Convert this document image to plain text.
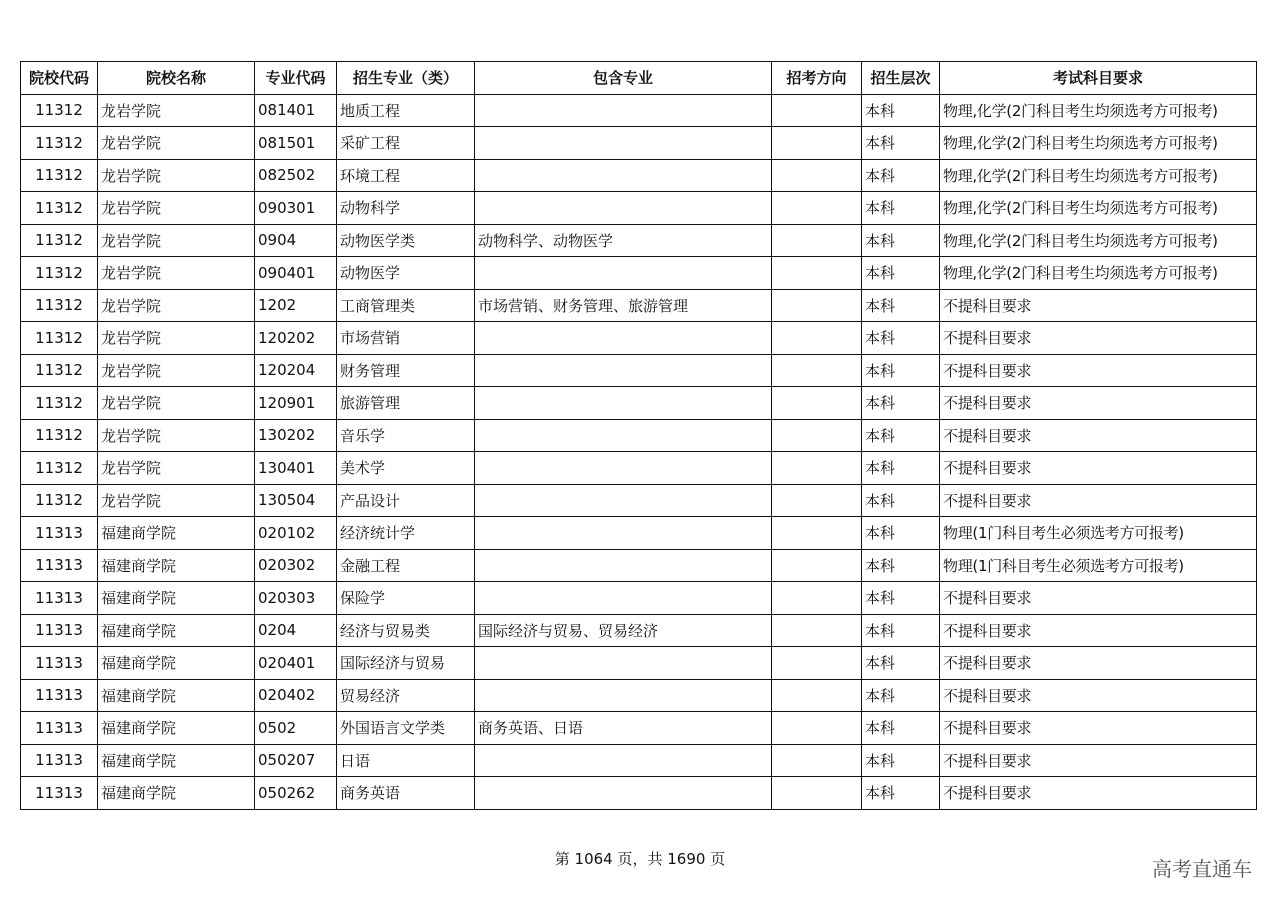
院校代码	院校名称	专业代码	招生专业（类）	包含专业	招考方向	招生层次	考试科目要求
11312	龙岩学院	081401	地质工程			本科	物理,化学(2门科目考生均须选考方可报考)
11312	龙岩学院	081501	采矿工程			本科	物理,化学(2门科目考生均须选考方可报考)
11312	龙岩学院	082502	环境工程			本科	物理,化学(2门科目考生均须选考方可报考)
11312	龙岩学院	090301	动物科学			本科	物理,化学(2门科目考生均须选考方可报考)
11312	龙岩学院	0904	动物医学类	动物科学、动物医学		本科	物理,化学(2门科目考生均须选考方可报考)
11312	龙岩学院	090401	动物医学			本科	物理,化学(2门科目考生均须选考方可报考)
11312	龙岩学院	1202	工商管理类	市场营销、财务管理、旅游管理		本科	不提科目要求
11312	龙岩学院	120202	市场营销			本科	不提科目要求
11312	龙岩学院	120204	财务管理			本科	不提科目要求
11312	龙岩学院	120901	旅游管理			本科	不提科目要求
11312	龙岩学院	130202	音乐学			本科	不提科目要求
11312	龙岩学院	130401	美术学			本科	不提科目要求
11312	龙岩学院	130504	产品设计			本科	不提科目要求
11313	福建商学院	020102	经济统计学			本科	物理(1门科目考生必须选考方可报考)
11313	福建商学院	020302	金融工程			本科	物理(1门科目考生必须选考方可报考)
11313	福建商学院	020303	保险学			本科	不提科目要求
11313	福建商学院	0204	经济与贸易类	国际经济与贸易、贸易经济		本科	不提科目要求
11313	福建商学院	020401	国际经济与贸易			本科	不提科目要求
11313	福建商学院	020402	贸易经济			本科	不提科目要求
11313	福建商学院	0502	外国语言文学类	商务英语、日语		本科	不提科目要求
11313	福建商学院	050207	日语			本科	不提科目要求
11313	福建商学院	050262	商务英语			本科	不提科目要求
第 1064 页，共 1690 页	高考直通车
